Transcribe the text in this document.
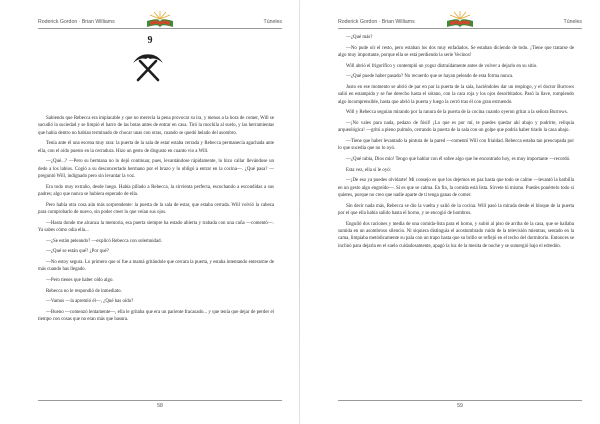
Roderick Gordon · Brian Williams	Túneles
9

Sabiendo que Rebecca era implacable y que no merecía la pena provocar su ira, y menos a la hora de comer, Will se sacudió la suciedad y se limpió el barro de las botas antes de entrar en casa. Tiró la mochila al suelo, y las herramientas que había dentro no habían terminado de chocar unas con otras, cuando se quedó helado del asombro.

Tenía ante él una escena muy rara: la puerta de la sala de estar estaba cerrada y Rebecca permanecía agachada ante ella, con el oído puesto en la cerradura. Hizo un gesto de disgusto en cuanto vio a Will.

—¿Qué...? —Pero su hermana no lo dejó continuar, pues, levantándose rápidamente, lo hizo callar llevándose un dedo a los labios. Cogió a su desconcertado hermano por el brazo y lo obligó a entrar en la cocina—. ¿Qué pasa? —preguntó Will, indignado pero sin levantar la voz.

Era todo muy extraño, desde luego. Había pillado a Rebecca, la sirvienta perfecta, escuchando a escondidas a sus padres; algo que nunca se hubiera esperado de ella.

Pero había otra cosa aún más sorprendente: la puerta de la sala de estar, que estaba cerrada. Will volvió la cabeza para comprobarlo de nuevo, sin poder creer lo que veían sus ojos.

—Hasta donde me alcanza la memoria, esa puerta siempre ha estado abierta y trabada con una cuña —comentó—. Ya sabes cómo odia ella...

—¿Se están peleando? —explicó Rebecca con solemnidad.

—¿Qué se están qué? ¿Por qué?

—No estoy segura. Lo primero que oí fue a mamá gritándole que cerrara la puerta, y estaba intentando enterarme de más cuando has llegado.

—Pero tienes que haber oído algo.

Rebecca no le respondió de inmediato.

—Vamos —la apremió él—, ¿Qué has oído?

—Bueno —comenzó lentamente—, ella le gritaba que era un pariente fracasado... y que tenía que dejar de perder el tiempo con cosas que no eran más que basura.

58
Roderick Gordon · Brian Williams	Túneles

—¿Qué más?

—No pude oír el resto, pero estaban los dos muy enfadados. Se estaban diciendo de todo. ¡Tiene que tratarse de algo muy importante, porque ella se está perdiendo la serie Vecinos!

Will abrió el frigorífico y contempló un yogur distraídamente antes de volver a dejarlo en su sitio.

—¿Qué puede haber pasado? No recuerdo que se hayan peleado de esta forma nunca.

Justo en ese momento se abrió de par en par la puerta de la sala, haciéndoles dar un respingo, y el doctor Burrows salió en estampida y se fue derecho hasta el sótano, con la cara roja y los ojos desorbitados. Pasó la llave, rompiendo algo incomprensible, hasta que abrió la puerta y luego la cerró tras él con gran estruendo.

Will y Rebecca seguían mirando por la ranura de la puerta de la cocina cuando oyeron gritar a la señora Burrows.

—¡No vales para nada, pedazo de fósil! ¡Lo que es por mí, te puedes quedar ahí abajo y pudrirte, reliquia arqueológica! —gritó a pleno pulmón, cerrando la puerta de la sala con un golpe que podría haber tirado la casa abajo.

—Tiene que haber levantado la pintura de la pared —comentó Will con frialdad. Rebecca estaba tan preocupada por lo que sucedía que no lo oyó.

—¿Qué rabia, Dios mío! Tengo que hablar con él sobre algo que he encontrado hoy, es muy importante —recordó.

Esta vez, ella sí le oyó:

—¡De eso ya puedes olvidarte! Mi consejo es que los dejemos en paz hasta que todo se calme —levantó la barbilla en un gesto algo engreído—. Si es que se calma. En fin, la comida está lista. Sírvete tú mismo. Puedes ponértelo todo si quieres, porque no creo que nadie aparte de ti tenga ganas de comer.

Sin decir nada más, Rebecca se dio la vuelta y salió de la cocina. Will pasó la mirada desde el bloque de la puerta por el que ella había salido hasta el horno, y se encogió de hombros.

Engulló dos raciones y media de una comida-lista para el horno, y subió al piso de arriba de la casa, que se hallaba sumida en un asombroso silencio. Ni siquiera distinguía el acostumbrado ruido de la televisión mientras, sentado en la cama, limpiaba metódicamente su pala con un trapo hasta que su brillo se reflejó en el techo del dormitorio. Entonces se inclinó para dejarla en el suelo cuidadosamente, apagó la luz de la mesita de noche y se sumergió bajo el edredón.

59
